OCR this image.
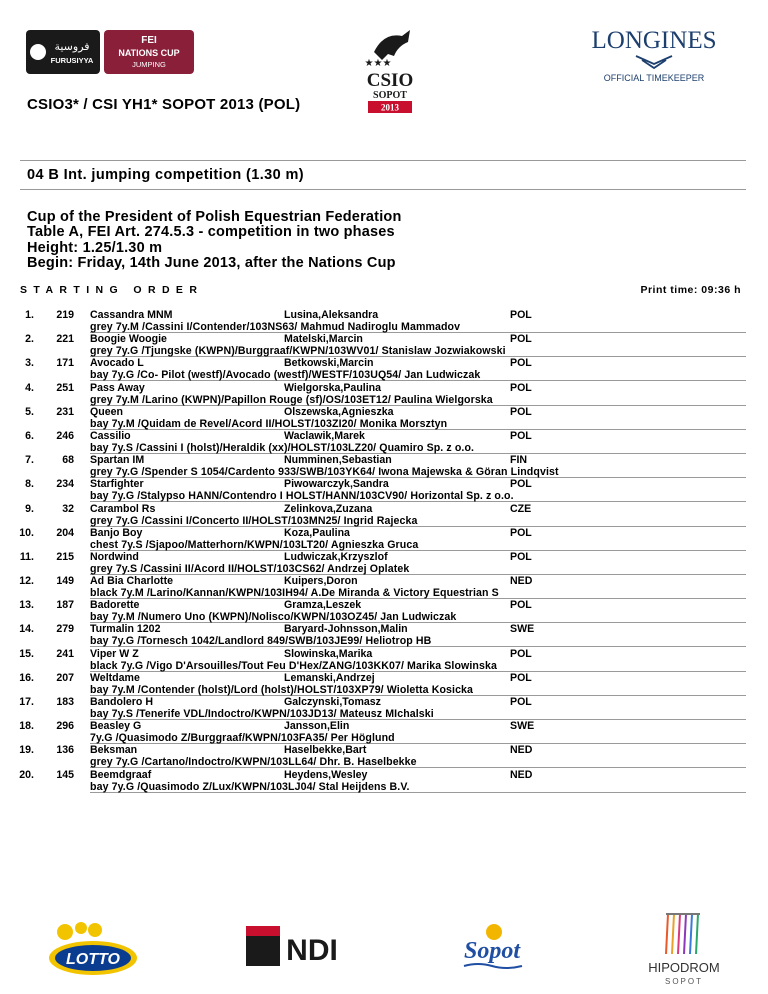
فروسية
FURUSIYYA
FEI
NATIONS CUP
JUMPING	★★★
CSIO
SOPOT
2013
LONGINES
OFFICIAL TIMEKEEPER
CSIO3* / CSI YH1* SOPOT 2013 (POL)
04 B Int. jumping competition (1.30 m)
Cup of the President of Polish Equestrian Federation
Table A, FEI Art. 274.5.3 - competition in two phases
Height: 1.25/1.30 m
Begin: Friday, 14th June 2013, after the Nations Cup
STARTING ORDER	Print time: 09:36 h
1.	219 Cassandra MNM	Lusina,Aleksandra	POL
grey 7y.M /Cassini I/Contender/103NS63/ Mahmud Nadiroglu Mammadov
2.	221 Boogie Woogie	Matelski,Marcin	POL
grey 7y.G /Tjungske (KWPN)/Burggraaf/KWPN/103WV01/ Stanislaw Jozwiakowski
3.	171 Avocado L	Betkowski,Marcin	POL
bay 7y.G /Co- Pilot (westf)/Avocado (westf)/WESTF/103UQ54/ Jan Ludwiczak
4.	251 Pass Away	Wielgorska,Paulina	POL
grey 7y.M /Larino (KWPN)/Papillon Rouge (sf)/OS/103ET12/ Paulina Wielgorska
5.	231 Queen	Olszewska,Agnieszka	POL
bay 7y.M /Quidam de Revel/Acord II/HOLST/103ZI20/ Monika Morsztyn
6.	246 Cassilio	Waclawik,Marek	POL
bay 7y.S /Cassini I (holst)/Heraldik (xx)/HOLST/103LZ20/ Quamiro Sp. z o.o.
7.	68 Spartan IM	Numminen,Sebastian	FIN
grey 7y.G /Spender S 1054/Cardento 933/SWB/103YK64/ Iwona Majewska & Göran Lindqvist
8.	234 Starfighter	Piwowarczyk,Sandra	POL
bay 7y.G /Stalypso HANN/Contendro I HOLST/HANN/103CV90/ Horizontal Sp. z o.o.
9.	32 Carambol Rs	Zelinkova,Zuzana	CZE
grey 7y.G /Cassini I/Concerto II/HOLST/103MN25/ Ingrid Rajecka
10.	204 Banjo Boy	Koza,Paulina	POL
chest 7y.S /Sjapoo/Matterhorn/KWPN/103LT20/ Agnieszka Gruca
11.	215 Nordwind	Ludwiczak,Krzyszlof	POL
grey 7y.S /Cassini II/Acord II/HOLST/103CS62/ Andrzej Oplatek
12.	149 Ad Bia Charlotte	Kuipers,Doron	NED
black 7y.M /Larino/Kannan/KWPN/103IH94/ A.De Miranda & Victory Equestrian S
13.	187 Badorette	Gramza,Leszek	POL
bay 7y.M /Numero Uno (KWPN)/Nolisco/KWPN/103OZ45/ Jan Ludwiczak
14.	279 Turmalin 1202	Baryard-Johnsson,Malin	SWE
bay 7y.G /Tornesch 1042/Landlord 849/SWB/103JE99/ Heliotrop HB
15.	241 Viper W Z	Slowinska,Marika	POL
black 7y.G /Vigo D'Arsouilles/Tout Feu D'Hex/ZANG/103KK07/ Marika Slowinska
16.	207 Weltdame	Lemanski,Andrzej	POL
bay 7y.M /Contender (holst)/Lord (holst)/HOLST/103XP79/ Wioletta Kosicka
17.	183 Bandolero H	Galczynski,Tomasz	POL
bay 7y.S /Tenerife VDL/Indoctro/KWPN/103JD13/ Mateusz MIchalski
18.	296 Beasley G	Jansson,Elin	SWE
7y.G /Quasimodo Z/Burggraaf/KWPN/103FA35/ Per Höglund
19.	136 Beksman	Haselbekke,Bart	NED
grey 7y.G /Cartano/Indoctro/KWPN/103LL64/ Dhr. B. Haselbekke
20.	145 Beemdgraaf	Heydens,Wesley	NED
bay 7y.G /Quasimodo Z/Lux/KWPN/103LJ04/ Stal Heijdens B.V.
LOTTO	NDI	Sopot
HIPODROM
SOPOT
